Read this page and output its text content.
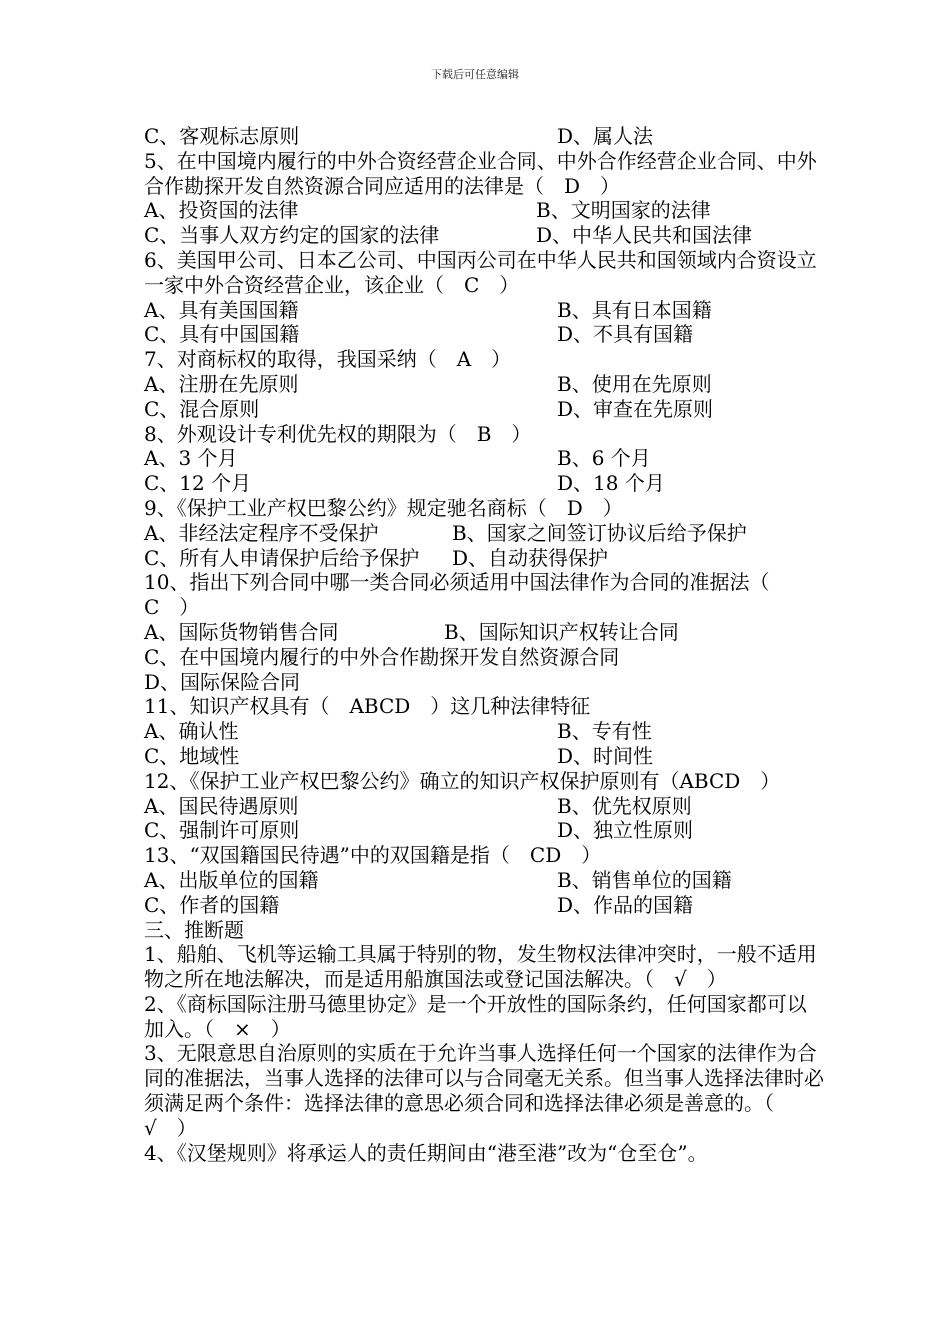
下载后可任意编辑
C、客观标志原则	D、属人法
5、在中国境内履行的中外合资经营企业合同、中外合作经营企业合同、中外合作勘探开发自然资源合同应适用的法律是（　D　）
A、投资国的法律	B、文明国家的法律
C、当事人双方约定的国家的法律	D、中华人民共和国法律
6、美国甲公司、日本乙公司、中国丙公司在中华人民共和国领域内合资设立一家中外合资经营企业，该企业（　C　）
A、具有美国国籍	B、具有日本国籍
C、具有中国国籍	D、不具有国籍
7、对商标权的取得，我国采纳（　A　）
A、注册在先原则	B、使用在先原则
C、混合原则	D、审查在先原则
8、外观设计专利优先权的期限为（　B　）
A、3 个月	B、6 个月
C、12 个月	D、18 个月
9、《保护工业产权巴黎公约》规定驰名商标（　D　）
A、非经法定程序不受保护	B、国家之间签订协议后给予保护
C、所有人申请保护后给予保护	D、自动获得保护
10、指出下列合同中哪一类合同必须适用中国法律作为合同的准据法（　C　）
A、国际货物销售合同	B、国际知识产权转让合同
C、在中国境内履行的中外合作勘探开发自然资源合同
D、国际保险合同
11、知识产权具有（　ABCD　）这几种法律特征
A、确认性	B、专有性
C、地域性	D、时间性
12、《保护工业产权巴黎公约》确立的知识产权保护原则有（ABCD　）
A、国民待遇原则	B、优先权原则
C、强制许可原则	D、独立性原则
13、“双国籍国民待遇”中的双国籍是指（　CD　）
A、出版单位的国籍	B、销售单位的国籍
C、作者的国籍	D、作品的国籍
三、推断题
1、船舶、飞机等运输工具属于特别的物，发生物权法律冲突时，一般不适用物之所在地法解决，而是适用船旗国法或登记国法解决。（　√　）
2、《商标国际注册马德里协定》是一个开放性的国际条约，任何国家都可以加入。（　×　）
3、无限意思自治原则的实质在于允许当事人选择任何一个国家的法律作为合同的准据法，当事人选择的法律可以与合同毫无关系。但当事人选择法律时必须满足两个条件：选择法律的意思必须合同和选择法律必须是善意的。（　√　）
4、《汉堡规则》将承运人的责任期间由“港至港”改为“仓至仓”。
